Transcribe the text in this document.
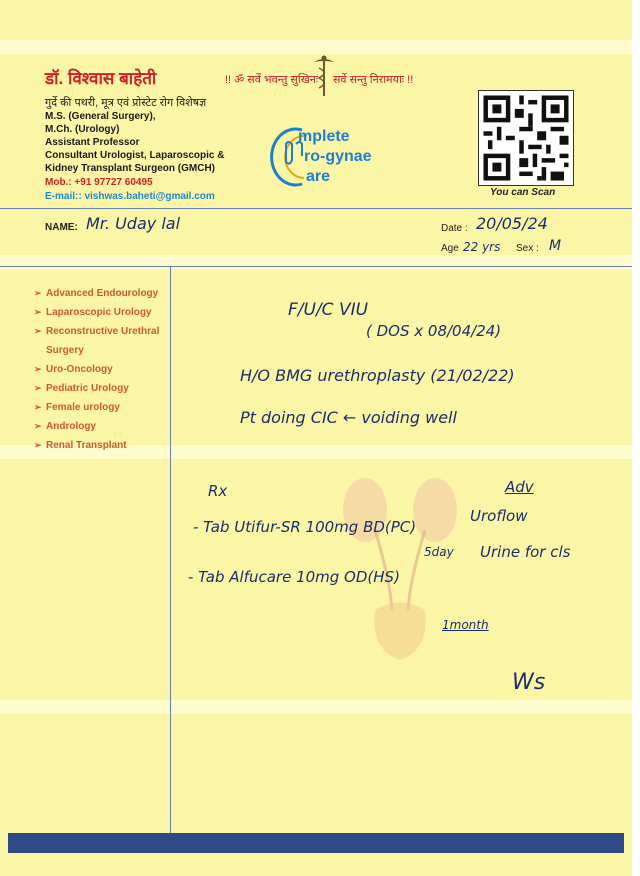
डॉ. विश्वास बाहेती
गुर्दे की पथरी, मूत्र एवं प्रोस्टेट रोग विशेषज्ञ
M.S. (General Surgery),
M.Ch. (Urology)
Assistant Professor
Consultant Urologist, Laparoscopic &
Kidney Transplant Surgeon (GMCH)
Mob.: +91 97727 60495
E-mail:: vishwas.baheti@gmail.com
!! ॐ सर्वे भवन्तु सुखिनः सर्वे सन्तु निरामयाः !!
mplete
ro-gynae
are
You can Scan
NAME: Mr. Uday lal	Date : 20/05/24
Age 22 yrs Sex : M
➢ Advanced Endourology
➢ Laparoscopic Urology
➢ Reconstructive Urethral Surgery
➢ Uro-Oncology
➢ Pediatric Urology
➢ Female urology
➢ Andrology
➢ Renal Transplant
F/U/C VIU
( DOS x 08/04/24)
H/O BMG urethroplasty (21/02/22)
Pt doing CIC ← voiding well
Rx
- Tab Utifur-SR 100mg BD(PC)
5day
- Tab Alfucare 10mg OD(HS)
1month
Adv
Uroflow
Urine for cls
Ws
